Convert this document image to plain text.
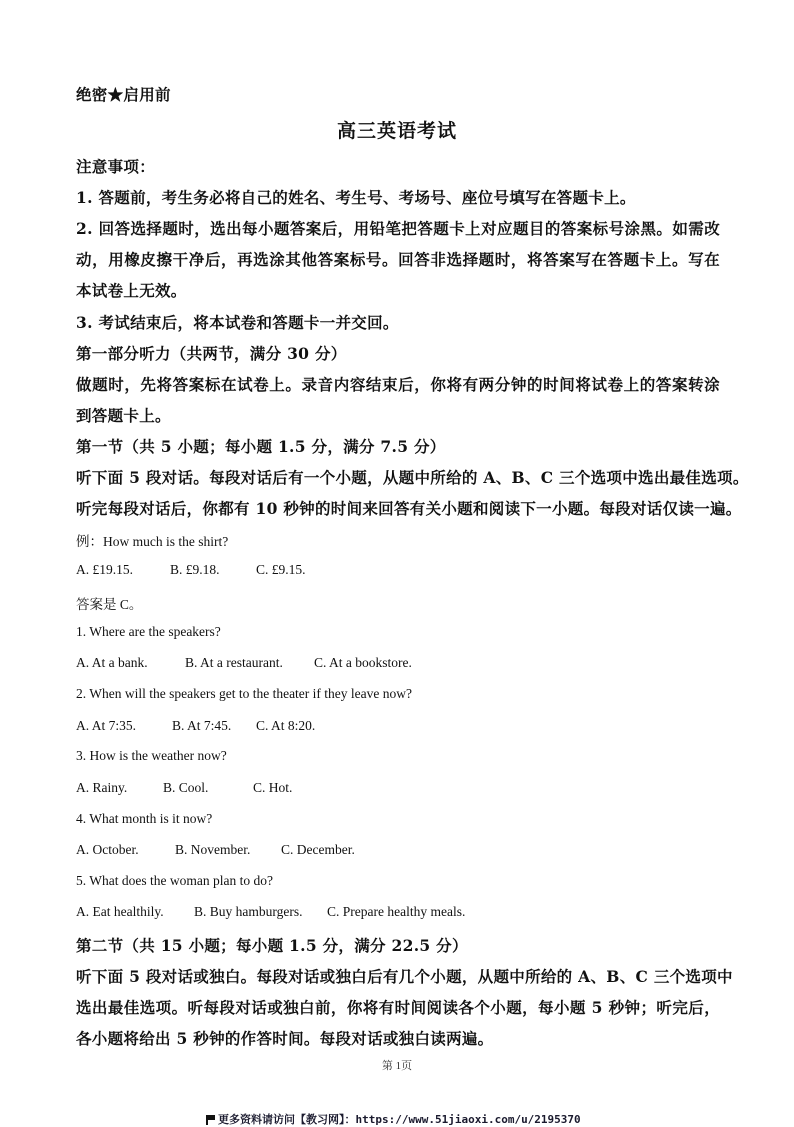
绝密★启用前
高三英语考试
注意事项：
1. 答题前，考生务必将自己的姓名、考生号、考场号、座位号填写在答题卡上。
2. 回答选择题时，选出每小题答案后，用铅笔把答题卡上对应题目的答案标号涂黑。如需改
动，用橡皮擦干净后，再选涂其他答案标号。回答非选择题时，将答案写在答题卡上。写在
本试卷上无效。
3. 考试结束后，将本试卷和答题卡一并交回。
第一部分听力（共两节，满分 30 分）
做题时，先将答案标在试卷上。录音内容结束后，你将有两分钟的时间将试卷上的答案转涂
到答题卡上。
第一节（共 5 小题；每小题 1.5 分，满分 7.5 分）
听下面 5 段对话。每段对话后有一个小题，从题中所给的 A、B、C 三个选项中选出最佳选项。
听完每段对话后，你都有 10 秒钟的时间来回答有关小题和阅读下一小题。每段对话仅读一遍。
例：How much is the shirt?
A. £19.15.	B. £9.18.	C. £9.15.
答案是 C。
1. Where are the speakers?
A. At a bank.	B. At a restaurant. C. At a bookstore.
2. When will the speakers get to the theater if they leave now?
A. At 7:35.	B. At 7:45. C. At 8:20.
3. How is the weather now?
A. Rainy.	B. Cool.	C. Hot.
4. What month is it now?
A. October.	B. November. C. December.
5. What does the woman plan to do?
A. Eat healthily. B. Buy hamburgers. C. Prepare healthy meals.
第二节（共 15 小题；每小题 1.5 分，满分 22.5 分）
听下面 5 段对话或独白。每段对话或独白后有几个小题，从题中所给的 A、B、C 三个选项中
选出最佳选项。听每段对话或独白前，你将有时间阅读各个小题，每小题 5 秒钟；听完后，
各小题将给出 5 秒钟的作答时间。每段对话或独白读两遍。
第 1页
更多资料请访问【教习网】：https://www.51jiaoxi.com/u/2195370
